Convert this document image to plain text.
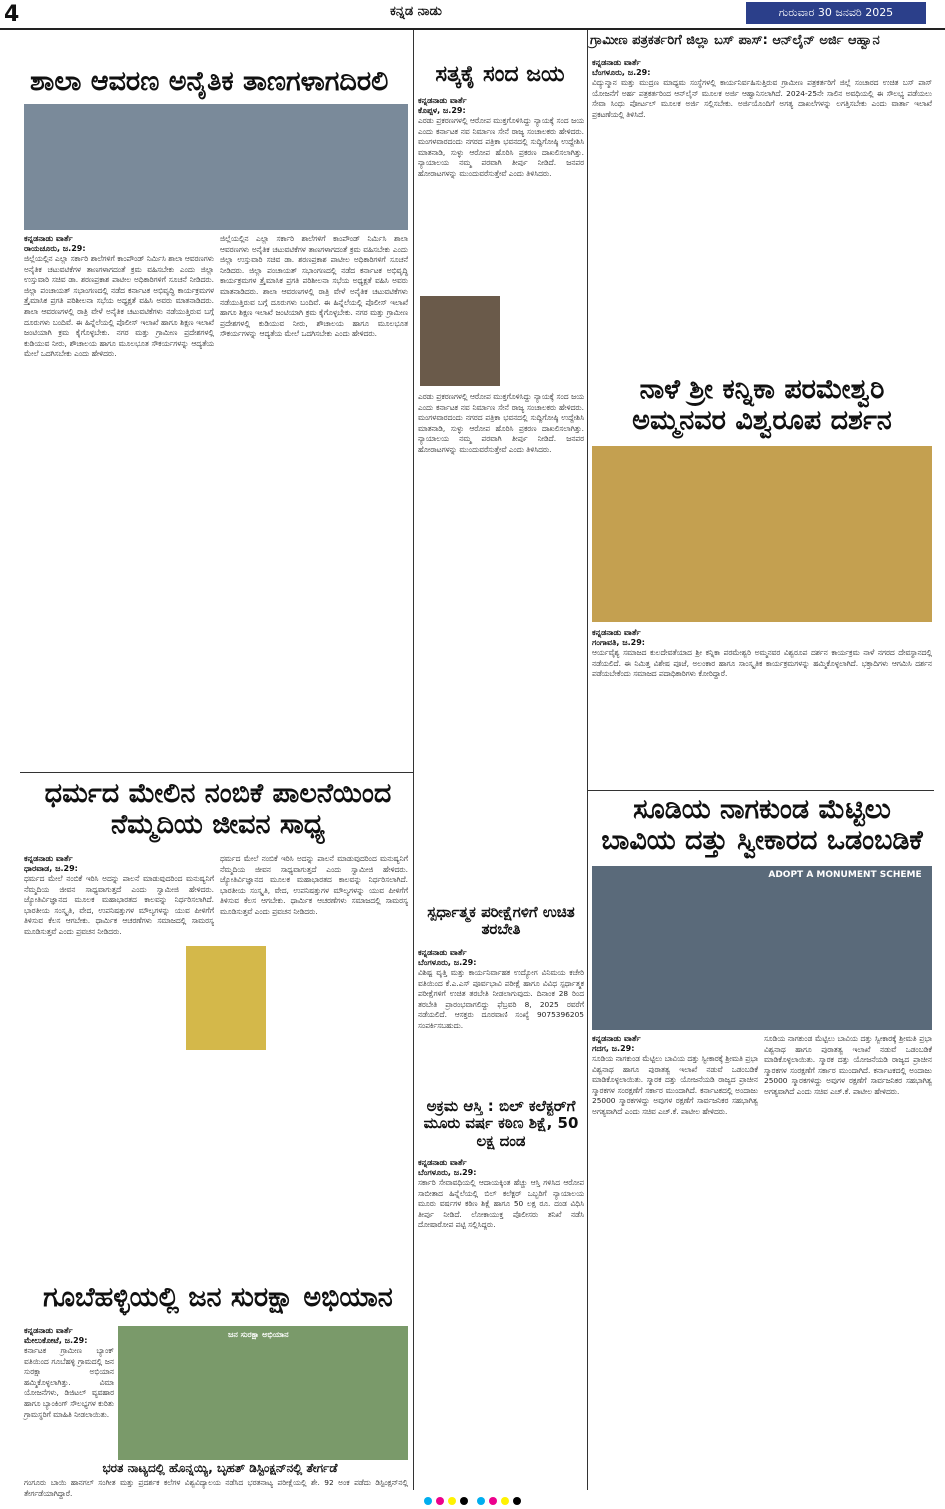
4	ಕನ್ನಡ ನಾಡು	ಗುರುವಾರ 30 ಜನವರಿ 2025
ಶಾಲಾ ಆವರಣ ಅನೈತಿಕ ತಾಣಗಳಾಗದಿರಲಿ
ಕನ್ನಡನಾಡು ವಾರ್ತೆ
ರಾಯಚೂರು, ಜ.29:
ಜಿಲ್ಲೆಯಲ್ಲಿನ ಎಲ್ಲಾ ಸರ್ಕಾರಿ ಶಾಲೆಗಳಿಗೆ ಕಾಂಪೌಂಡ್ ನಿರ್ಮಿಸಿ ಶಾಲಾ ಆವರಣಗಳು ಅನೈತಿಕ ಚಟುವಟಿಕೆಗಳ ತಾಣಗಳಾಗದಂತೆ ಕ್ರಮ ವಹಿಸಬೇಕು ಎಂದು ಜಿಲ್ಲಾ ಉಸ್ತುವಾರಿ ಸಚಿವ ಡಾ. ಶರಣಪ್ರಕಾಶ ಪಾಟೀಲ ಅಧಿಕಾರಿಗಳಿಗೆ ಸೂಚನೆ ನೀಡಿದರು. ಜಿಲ್ಲಾ ಪಂಚಾಯತ್ ಸಭಾಂಗಣದಲ್ಲಿ ನಡೆದ ಕರ್ನಾಟಕ ಅಭಿವೃದ್ಧಿ ಕಾರ್ಯಕ್ರಮಗಳ ತ್ರೈಮಾಸಿಕ ಪ್ರಗತಿ ಪರಿಶೀಲನಾ ಸಭೆಯ ಅಧ್ಯಕ್ಷತೆ ವಹಿಸಿ ಅವರು ಮಾತನಾಡಿದರು. ಶಾಲಾ ಆವರಣಗಳಲ್ಲಿ ರಾತ್ರಿ ವೇಳೆ ಅನೈತಿಕ ಚಟುವಟಿಕೆಗಳು ನಡೆಯುತ್ತಿರುವ ಬಗ್ಗೆ ದೂರುಗಳು ಬಂದಿವೆ. ಈ ಹಿನ್ನೆಲೆಯಲ್ಲಿ ಪೊಲೀಸ್ ಇಲಾಖೆ ಹಾಗೂ ಶಿಕ್ಷಣ ಇಲಾಖೆ ಜಂಟಿಯಾಗಿ ಕ್ರಮ ಕೈಗೊಳ್ಳಬೇಕು. ನಗರ ಮತ್ತು ಗ್ರಾಮೀಣ ಪ್ರದೇಶಗಳಲ್ಲಿ ಕುಡಿಯುವ ನೀರು, ಶೌಚಾಲಯ ಹಾಗೂ ಮೂಲಭೂತ ಸೌಕರ್ಯಗಳನ್ನು ಆದ್ಯತೆಯ ಮೇಲೆ ಒದಗಿಸಬೇಕು ಎಂದು ಹೇಳಿದರು.
ಜಿಲ್ಲೆಯಲ್ಲಿನ ಎಲ್ಲಾ ಸರ್ಕಾರಿ ಶಾಲೆಗಳಿಗೆ ಕಾಂಪೌಂಡ್ ನಿರ್ಮಿಸಿ ಶಾಲಾ ಆವರಣಗಳು ಅನೈತಿಕ ಚಟುವಟಿಕೆಗಳ ತಾಣಗಳಾಗದಂತೆ ಕ್ರಮ ವಹಿಸಬೇಕು ಎಂದು ಜಿಲ್ಲಾ ಉಸ್ತುವಾರಿ ಸಚಿವ ಡಾ. ಶರಣಪ್ರಕಾಶ ಪಾಟೀಲ ಅಧಿಕಾರಿಗಳಿಗೆ ಸೂಚನೆ ನೀಡಿದರು. ಜಿಲ್ಲಾ ಪಂಚಾಯತ್ ಸಭಾಂಗಣದಲ್ಲಿ ನಡೆದ ಕರ್ನಾಟಕ ಅಭಿವೃದ್ಧಿ ಕಾರ್ಯಕ್ರಮಗಳ ತ್ರೈಮಾಸಿಕ ಪ್ರಗತಿ ಪರಿಶೀಲನಾ ಸಭೆಯ ಅಧ್ಯಕ್ಷತೆ ವಹಿಸಿ ಅವರು ಮಾತನಾಡಿದರು. ಶಾಲಾ ಆವರಣಗಳಲ್ಲಿ ರಾತ್ರಿ ವೇಳೆ ಅನೈತಿಕ ಚಟುವಟಿಕೆಗಳು ನಡೆಯುತ್ತಿರುವ ಬಗ್ಗೆ ದೂರುಗಳು ಬಂದಿವೆ. ಈ ಹಿನ್ನೆಲೆಯಲ್ಲಿ ಪೊಲೀಸ್ ಇಲಾಖೆ ಹಾಗೂ ಶಿಕ್ಷಣ ಇಲಾಖೆ ಜಂಟಿಯಾಗಿ ಕ್ರಮ ಕೈಗೊಳ್ಳಬೇಕು. ನಗರ ಮತ್ತು ಗ್ರಾಮೀಣ ಪ್ರದೇಶಗಳಲ್ಲಿ ಕುಡಿಯುವ ನೀರು, ಶೌಚಾಲಯ ಹಾಗೂ ಮೂಲಭೂತ ಸೌಕರ್ಯಗಳನ್ನು ಆದ್ಯತೆಯ ಮೇಲೆ ಒದಗಿಸಬೇಕು ಎಂದು ಹೇಳಿದರು.
ಸತ್ಕಕೈ ಸಂದ ಜಯ
ಕನ್ನಡನಾಡು ವಾರ್ತೆ
ಕೊಪ್ಪಳ, ಜ.29:
ಎರಡು ಪ್ರಕರಣಗಳಲ್ಲಿ ಆರೋಪ ಮುಕ್ತಗೊಳಿಸಿದ್ದು ನ್ಯಾಯಕ್ಕೆ ಸಂದ ಜಯ ಎಂದು ಕರ್ನಾಟಕ ನವ ನಿರ್ಮಾಣ ಸೇನೆ ರಾಜ್ಯ ಸಂಚಾಲಕರು ಹೇಳಿದರು. ಮಂಗಳವಾರದಂದು ನಗರದ ಪತ್ರಿಕಾ ಭವನದಲ್ಲಿ ಸುದ್ದಿಗೋಷ್ಠಿ ಉದ್ದೇಶಿಸಿ ಮಾತನಾಡಿ, ಸುಳ್ಳು ಆರೋಪ ಹೊರಿಸಿ ಪ್ರಕರಣ ದಾಖಲಿಸಲಾಗಿತ್ತು. ನ್ಯಾಯಾಲಯ ನಮ್ಮ ಪರವಾಗಿ ತೀರ್ಪು ನೀಡಿದೆ. ಜನಪರ ಹೋರಾಟಗಳನ್ನು ಮುಂದುವರೆಸುತ್ತೇವೆ ಎಂದು ತಿಳಿಸಿದರು.
ಎರಡು ಪ್ರಕರಣಗಳಲ್ಲಿ ಆರೋಪ ಮುಕ್ತಗೊಳಿಸಿದ್ದು ನ್ಯಾಯಕ್ಕೆ ಸಂದ ಜಯ ಎಂದು ಕರ್ನಾಟಕ ನವ ನಿರ್ಮಾಣ ಸೇನೆ ರಾಜ್ಯ ಸಂಚಾಲಕರು ಹೇಳಿದರು. ಮಂಗಳವಾರದಂದು ನಗರದ ಪತ್ರಿಕಾ ಭವನದಲ್ಲಿ ಸುದ್ದಿಗೋಷ್ಠಿ ಉದ್ದೇಶಿಸಿ ಮಾತನಾಡಿ, ಸುಳ್ಳು ಆರೋಪ ಹೊರಿಸಿ ಪ್ರಕರಣ ದಾಖಲಿಸಲಾಗಿತ್ತು. ನ್ಯಾಯಾಲಯ ನಮ್ಮ ಪರವಾಗಿ ತೀರ್ಪು ನೀಡಿದೆ. ಜನಪರ ಹೋರಾಟಗಳನ್ನು ಮುಂದುವರೆಸುತ್ತೇವೆ ಎಂದು ತಿಳಿಸಿದರು.
ಗ್ರಾಮೀಣ ಪತ್ರಕರ್ತರಿಗೆ ಜಿಲ್ಲಾ ಬಸ್ ಪಾಸ್: ಆನ್‌ಲೈನ್ ಅರ್ಜಿ ಆಹ್ವಾನ
ಕನ್ನಡನಾಡು ವಾರ್ತೆ
ಬೆಂಗಳೂರು, ಜ.29:
ವಿದ್ಯುನ್ಮಾನ ಮತ್ತು ಮುದ್ರಣ ಮಾಧ್ಯಮ ಸಂಸ್ಥೆಗಳಲ್ಲಿ ಕಾರ್ಯನಿರ್ವಹಿಸುತ್ತಿರುವ ಗ್ರಾಮೀಣ ಪತ್ರಕರ್ತರಿಗೆ ಜಿಲ್ಲೆ ಸಂಚಾರದ ಉಚಿತ ಬಸ್ ಪಾಸ್ ಯೋಜನೆಗೆ ಅರ್ಹ ಪತ್ರಕರ್ತರಿಂದ ಆನ್‌ಲೈನ್ ಮೂಲಕ ಅರ್ಜಿ ಆಹ್ವಾನಿಸಲಾಗಿದೆ. 2024-25ನೇ ಸಾಲಿನ ಅವಧಿಯಲ್ಲಿ ಈ ಸೌಲಭ್ಯ ಪಡೆಯಲು ಸೇವಾ ಸಿಂಧು ಪೋರ್ಟಲ್ ಮೂಲಕ ಅರ್ಜಿ ಸಲ್ಲಿಸಬೇಕು. ಅರ್ಜಿಯೊಂದಿಗೆ ಅಗತ್ಯ ದಾಖಲೆಗಳನ್ನು ಲಗತ್ತಿಸಬೇಕು ಎಂದು ವಾರ್ತಾ ಇಲಾಖೆ ಪ್ರಕಟಣೆಯಲ್ಲಿ ತಿಳಿಸಿದೆ.
ನಾಳೆ ಶ್ರೀ ಕನ್ನಿಕಾ ಪರಮೇಶ್ವರಿ ಅಮ್ಮನವರ ವಿಶ್ವರೂಪ ದರ್ಶನ
ಕನ್ನಡನಾಡು ವಾರ್ತೆ
ಗಂಗಾವತಿ, ಜ.29:
ಆರ್ಯವೈಶ್ಯ ಸಮಾಜದ ಕುಲದೇವತೆಯಾದ ಶ್ರೀ ಕನ್ನಿಕಾ ಪರಮೇಶ್ವರಿ ಅಮ್ಮನವರ ವಿಶ್ವರೂಪ ದರ್ಶನ ಕಾರ್ಯಕ್ರಮ ನಾಳೆ ನಗರದ ದೇವಸ್ಥಾನದಲ್ಲಿ ನಡೆಯಲಿದೆ. ಈ ನಿಮಿತ್ತ ವಿಶೇಷ ಪೂಜೆ, ಅಲಂಕಾರ ಹಾಗೂ ಸಾಂಸ್ಕೃತಿಕ ಕಾರ್ಯಕ್ರಮಗಳನ್ನು ಹಮ್ಮಿಕೊಳ್ಳಲಾಗಿದೆ. ಭಕ್ತಾದಿಗಳು ಆಗಮಿಸಿ ದರ್ಶನ ಪಡೆಯಬೇಕೆಂದು ಸಮಾಜದ ಪದಾಧಿಕಾರಿಗಳು ಕೋರಿದ್ದಾರೆ.
ಧರ್ಮದ ಮೇಲಿನ ನಂಬಿಕೆ ಪಾಲನೆಯಿಂದ ನೆಮ್ಮದಿಯ ಜೀವನ ಸಾಧ್ಯ
ಕನ್ನಡನಾಡು ವಾರ್ತೆ
ಧಾರವಾಡ, ಜ.29:
ಧರ್ಮದ ಮೇಲೆ ನಂಬಿಕೆ ಇರಿಸಿ ಅದನ್ನು ಪಾಲನೆ ಮಾಡುವುದರಿಂದ ಮನುಷ್ಯನಿಗೆ ನೆಮ್ಮದಿಯ ಜೀವನ ಸಾಧ್ಯವಾಗುತ್ತದೆ ಎಂದು ಸ್ವಾಮೀಜಿ ಹೇಳಿದರು. ಜ್ಯೋತಿರ್ವಿಜ್ಞಾನದ ಮೂಲಕ ಮಹಾಭಾರತದ ಕಾಲವನ್ನು ನಿರ್ಧರಿಸಲಾಗಿದೆ. ಭಾರತೀಯ ಸಂಸ್ಕೃತಿ, ವೇದ, ಉಪನಿಷತ್ತುಗಳ ಮೌಲ್ಯಗಳನ್ನು ಯುವ ಪೀಳಿಗೆಗೆ ತಿಳಿಸುವ ಕೆಲಸ ಆಗಬೇಕು. ಧಾರ್ಮಿಕ ಆಚರಣೆಗಳು ಸಮಾಜದಲ್ಲಿ ಸಾಮರಸ್ಯ ಮೂಡಿಸುತ್ತವೆ ಎಂದು ಪ್ರವಚನ ನೀಡಿದರು.
ಧರ್ಮದ ಮೇಲೆ ನಂಬಿಕೆ ಇರಿಸಿ ಅದನ್ನು ಪಾಲನೆ ಮಾಡುವುದರಿಂದ ಮನುಷ್ಯನಿಗೆ ನೆಮ್ಮದಿಯ ಜೀವನ ಸಾಧ್ಯವಾಗುತ್ತದೆ ಎಂದು ಸ್ವಾಮೀಜಿ ಹೇಳಿದರು. ಜ್ಯೋತಿರ್ವಿಜ್ಞಾನದ ಮೂಲಕ ಮಹಾಭಾರತದ ಕಾಲವನ್ನು ನಿರ್ಧರಿಸಲಾಗಿದೆ. ಭಾರತೀಯ ಸಂಸ್ಕೃತಿ, ವೇದ, ಉಪನಿಷತ್ತುಗಳ ಮೌಲ್ಯಗಳನ್ನು ಯುವ ಪೀಳಿಗೆಗೆ ತಿಳಿಸುವ ಕೆಲಸ ಆಗಬೇಕು. ಧಾರ್ಮಿಕ ಆಚರಣೆಗಳು ಸಮಾಜದಲ್ಲಿ ಸಾಮರಸ್ಯ ಮೂಡಿಸುತ್ತವೆ ಎಂದು ಪ್ರವಚನ ನೀಡಿದರು.	ಸ್ಪರ್ಧಾತ್ಮಕ ಪರೀಕ್ಷೆಗಳಿಗೆ ಉಚಿತ ತರಬೇತಿ
ಕನ್ನಡನಾಡು ವಾರ್ತೆ
ಬೆಂಗಳೂರು, ಜ.29:
ವಿಶಿಷ್ಟ ವೃತ್ತಿ ಮತ್ತು ಕಾರ್ಯನಿರ್ವಾಹಕ ಉದ್ಯೋಗ ವಿನಿಮಯ ಕಚೇರಿ ವತಿಯಿಂದ ಕೆ.ಎ.ಎಸ್ ಪೂರ್ವಭಾವಿ ಪರೀಕ್ಷೆ ಹಾಗೂ ವಿವಿಧ ಸ್ಪರ್ಧಾತ್ಮಕ ಪರೀಕ್ಷೆಗಳಿಗೆ ಉಚಿತ ತರಬೇತಿ ನೀಡಲಾಗುವುದು. ದಿನಾಂಕ 28 ರಿಂದ ತರಬೇತಿ ಪ್ರಾರಂಭವಾಗಲಿದ್ದು ಫೆಬ್ರವರಿ 8, 2025 ರವರೆಗೆ ನಡೆಯಲಿದೆ. ಆಸಕ್ತರು ದೂರವಾಣಿ ಸಂಖ್ಯೆ 9075396205 ಸಂಪರ್ಕಿಸಬಹುದು.
ಅಕ್ರಮ ಆಸ್ತಿ : ಬಿಲ್ ಕಲೆಕ್ಟರ್‌ಗೆ ಮೂರು ವರ್ಷ ಕಠಿಣ ಶಿಕ್ಷೆ, 50 ಲಕ್ಷ ದಂಡ
ಕನ್ನಡನಾಡು ವಾರ್ತೆ
ಬೆಂಗಳೂರು, ಜ.29:
ಸರ್ಕಾರಿ ಸೇವಾವಧಿಯಲ್ಲಿ ಆದಾಯಕ್ಕಿಂತ ಹೆಚ್ಚು ಆಸ್ತಿ ಗಳಿಸಿದ ಆರೋಪ ಸಾಬೀತಾದ ಹಿನ್ನೆಲೆಯಲ್ಲಿ ಬಿಲ್ ಕಲೆಕ್ಟರ್ ಒಬ್ಬರಿಗೆ ನ್ಯಾಯಾಲಯ ಮೂರು ವರ್ಷಗಳ ಕಠಿಣ ಶಿಕ್ಷೆ ಹಾಗೂ 50 ಲಕ್ಷ ರೂ. ದಂಡ ವಿಧಿಸಿ ತೀರ್ಪು ನೀಡಿದೆ. ಲೋಕಾಯುಕ್ತ ಪೊಲೀಸರು ತನಿಖೆ ನಡೆಸಿ ದೋಷಾರೋಪ ಪಟ್ಟಿ ಸಲ್ಲಿಸಿದ್ದರು.
ಸೂಡಿಯ ನಾಗಕುಂಡ ಮೆಟ್ಟಿಲು ಬಾವಿಯ ದತ್ತು ಸ್ವೀಕಾರದ ಒಡಂಬಡಿಕೆ
ADOPT A MONUMENT SCHEME
ಕನ್ನಡನಾಡು ವಾರ್ತೆ
ಗದಗ, ಜ.29:
ಸೂಡಿಯ ನಾಗಕುಂಡ ಮೆಟ್ಟಿಲು ಬಾವಿಯ ದತ್ತು ಸ್ವೀಕಾರಕ್ಕೆ ಶ್ರೀಮತಿ ಪ್ರಭಾ ವಿಶ್ವನಾಥ ಹಾಗೂ ಪುರಾತತ್ವ ಇಲಾಖೆ ನಡುವೆ ಒಡಂಬಡಿಕೆ ಮಾಡಿಕೊಳ್ಳಲಾಯಿತು. ಸ್ಮಾರಕ ದತ್ತು ಯೋಜನೆಯಡಿ ರಾಜ್ಯದ ಪ್ರಾಚೀನ ಸ್ಮಾರಕಗಳ ಸಂರಕ್ಷಣೆಗೆ ಸರ್ಕಾರ ಮುಂದಾಗಿದೆ. ಕರ್ನಾಟಕದಲ್ಲಿ ಅಂದಾಜು 25000 ಸ್ಮಾರಕಗಳಿದ್ದು ಅವುಗಳ ರಕ್ಷಣೆಗೆ ಸಾರ್ವಜನಿಕರ ಸಹಭಾಗಿತ್ವ ಅಗತ್ಯವಾಗಿದೆ ಎಂದು ಸಚಿವ ಎಚ್.ಕೆ. ಪಾಟೀಲ ಹೇಳಿದರು.
ಸೂಡಿಯ ನಾಗಕುಂಡ ಮೆಟ್ಟಿಲು ಬಾವಿಯ ದತ್ತು ಸ್ವೀಕಾರಕ್ಕೆ ಶ್ರೀಮತಿ ಪ್ರಭಾ ವಿಶ್ವನಾಥ ಹಾಗೂ ಪುರಾತತ್ವ ಇಲಾಖೆ ನಡುವೆ ಒಡಂಬಡಿಕೆ ಮಾಡಿಕೊಳ್ಳಲಾಯಿತು. ಸ್ಮಾರಕ ದತ್ತು ಯೋಜನೆಯಡಿ ರಾಜ್ಯದ ಪ್ರಾಚೀನ ಸ್ಮಾರಕಗಳ ಸಂರಕ್ಷಣೆಗೆ ಸರ್ಕಾರ ಮುಂದಾಗಿದೆ. ಕರ್ನಾಟಕದಲ್ಲಿ ಅಂದಾಜು 25000 ಸ್ಮಾರಕಗಳಿದ್ದು ಅವುಗಳ ರಕ್ಷಣೆಗೆ ಸಾರ್ವಜನಿಕರ ಸಹಭಾಗಿತ್ವ ಅಗತ್ಯವಾಗಿದೆ ಎಂದು ಸಚಿವ ಎಚ್.ಕೆ. ಪಾಟೀಲ ಹೇಳಿದರು.
ಗೂಬೆಹಳ್ಳಿಯಲ್ಲಿ ಜನ ಸುರಕ್ಷಾ ಅಭಿಯಾನ
ಕನ್ನಡನಾಡು ವಾರ್ತೆ
ಮೇಲುಕೋಟೆ, ಜ.29:
ಕರ್ನಾಟಕ ಗ್ರಾಮೀಣ ಬ್ಯಾಂಕ್ ವತಿಯಿಂದ ಗೂಬೆಹಳ್ಳಿ ಗ್ರಾಮದಲ್ಲಿ ಜನ ಸುರಕ್ಷಾ ಅಭಿಯಾನ ಹಮ್ಮಿಕೊಳ್ಳಲಾಗಿತ್ತು. ವಿಮಾ ಯೋಜನೆಗಳು, ಡಿಜಿಟಲ್ ವ್ಯವಹಾರ ಹಾಗೂ ಬ್ಯಾಂಕಿಂಗ್ ಸೌಲಭ್ಯಗಳ ಕುರಿತು ಗ್ರಾಮಸ್ಥರಿಗೆ ಮಾಹಿತಿ ನೀಡಲಾಯಿತು.
ಜನ ಸುರಕ್ಷಾ ಅಭಿಯಾನ
ಭರತ ನಾಟ್ಯದಲ್ಲಿ ಹೊನ್ನಯ್ಯಿ, ಬೃಹತ್ ಡಿಸ್ಟಿಂಕ್ಷನ್‌ನಲ್ಲಿ ತೇರ್ಗಡೆ
ಗಂಗೂರು ಬಾಯಿ ಹಾನಗಲ್ ಸಂಗೀತ ಮತ್ತು ಪ್ರದರ್ಶಕ ಕಲೆಗಳ ವಿಶ್ವವಿದ್ಯಾಲಯ ನಡೆಸಿದ ಭರತನಾಟ್ಯ ಪರೀಕ್ಷೆಯಲ್ಲಿ ಶೇ. 92 ಅಂಕ ಪಡೆದು ಡಿಸ್ಟಿಂಕ್ಷನ್‌ನಲ್ಲಿ ತೇರ್ಗಡೆಯಾಗಿದ್ದಾರೆ.
